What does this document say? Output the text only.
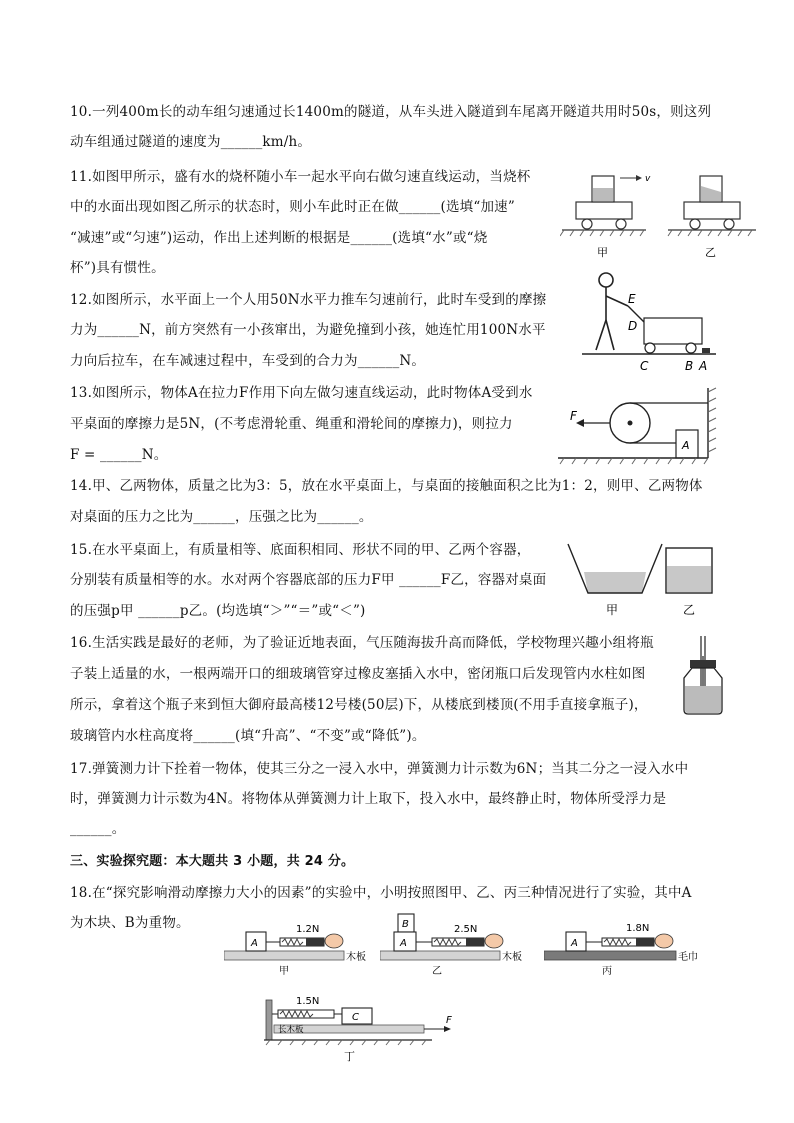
10.一列400m长的动车组匀速通过长1400m的隧道，从车头进入隧道到车尾离开隧道共用时50s，则这列
动车组通过隧道的速度为______km/h。
11.如图甲所示，盛有水的烧杯随小车一起水平向右做匀速直线运动，当烧杯
中的水面出现如图乙所示的状态时，则小车此时正在做______(选填“加速”
“减速”或“匀速”)运动，作出上述判断的根据是______(选填“水”或“烧
杯”)具有惯性。
v
甲	乙
12.如图所示，水平面上一个人用50N水平力推车匀速前行，此时车受到的摩擦
力为______N，前方突然有一小孩窜出，为避免撞到小孩，她连忙用100N水平
力向后拉车，在车减速过程中，车受到的合力为______N。
E
D
C	B A
13.如图所示，物体A在拉力F作用下向左做匀速直线运动，此时物体A受到水
平桌面的摩擦力是5N，(不考虑滑轮重、绳重和滑轮间的摩擦力)，则拉力
F = ______N。
F
A
14.甲、乙两物体，质量之比为3：5，放在水平桌面上，与桌面的接触面积之比为1：2，则甲、乙两物体
对桌面的压力之比为______，压强之比为______。
15.在水平桌面上，有质量相等、底面积相同、形状不同的甲、乙两个容器，
分别装有质量相等的水。水对两个容器底部的压力F甲 ______F乙，容器对桌面
的压强p甲 ______p乙。(均选填“＞”“＝”或“＜”)	甲	乙
16.生活实践是最好的老师，为了验证近地表面，气压随海拔升高而降低，学校物理兴趣小组将瓶
子装上适量的水，一根两端开口的细玻璃管穿过橡皮塞插入水中，密闭瓶口后发现管内水柱如图
所示，拿着这个瓶子来到恒大御府最高楼12号楼(50层)下，从楼底到楼顶(不用手直接拿瓶子)，
玻璃管内水柱高度将______(填“升高”、“不变”或“降低”)。
17.弹簧测力计下拴着一物体，使其三分之一浸入水中，弹簧测力计示数为6N；当其二分之一浸入水中
时，弹簧测力计示数为4N。将物体从弹簧测力计上取下，投入水中，最终静止时，物体所受浮力是
______。
三、实验探究题：本大题共 3 小题，共 24 分。
18.在“探究影响滑动摩擦力大小的因素”的实验中，小明按照图甲、乙、丙三种情况进行了实验，其中A
为木块、B为重物。
A
1.2N
木板
甲
B
A
2.5N
木板
乙
A
1.8N
毛巾
丙
C
1.5N
长木板
F
丁
